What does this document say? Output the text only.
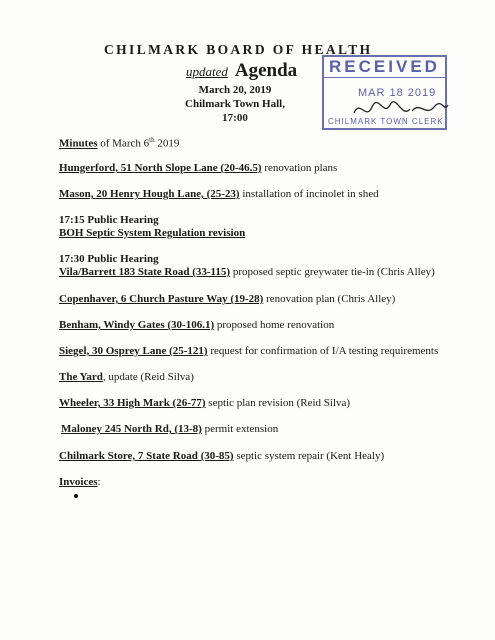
CHILMARK BOARD OF HEALTH
updated Agenda
March 20, 2019
Chilmark Town Hall,
17:00
RECEIVED
MAR 18 2019
CHILMARK TOWN CLERK
Minutes of March 6th 2019
Hungerford, 51 North Slope Lane (20-46.5) renovation plans
Mason, 20 Henry Hough Lane, (25-23) installation of incinolet in shed
17:15 Public Hearing
BOH Septic System Regulation revision
17:30 Public Hearing
Vila/Barrett 183 State Road (33-115) proposed septic greywater tie-in (Chris Alley)
Copenhaver, 6 Church Pasture Way (19-28) renovation plan (Chris Alley)
Benham, Windy Gates (30-106.1) proposed home renovation
Siegel, 30 Osprey Lane (25-121) request for confirmation of I/A testing requirements
The Yard, update (Reid Silva)
Wheeler, 33 High Mark (26-77) septic plan revision (Reid Silva)
Maloney 245 North Rd, (13-8) permit extension
Chilmark Store, 7 State Road (30-85) septic system repair (Kent Healy)
Invoices:
